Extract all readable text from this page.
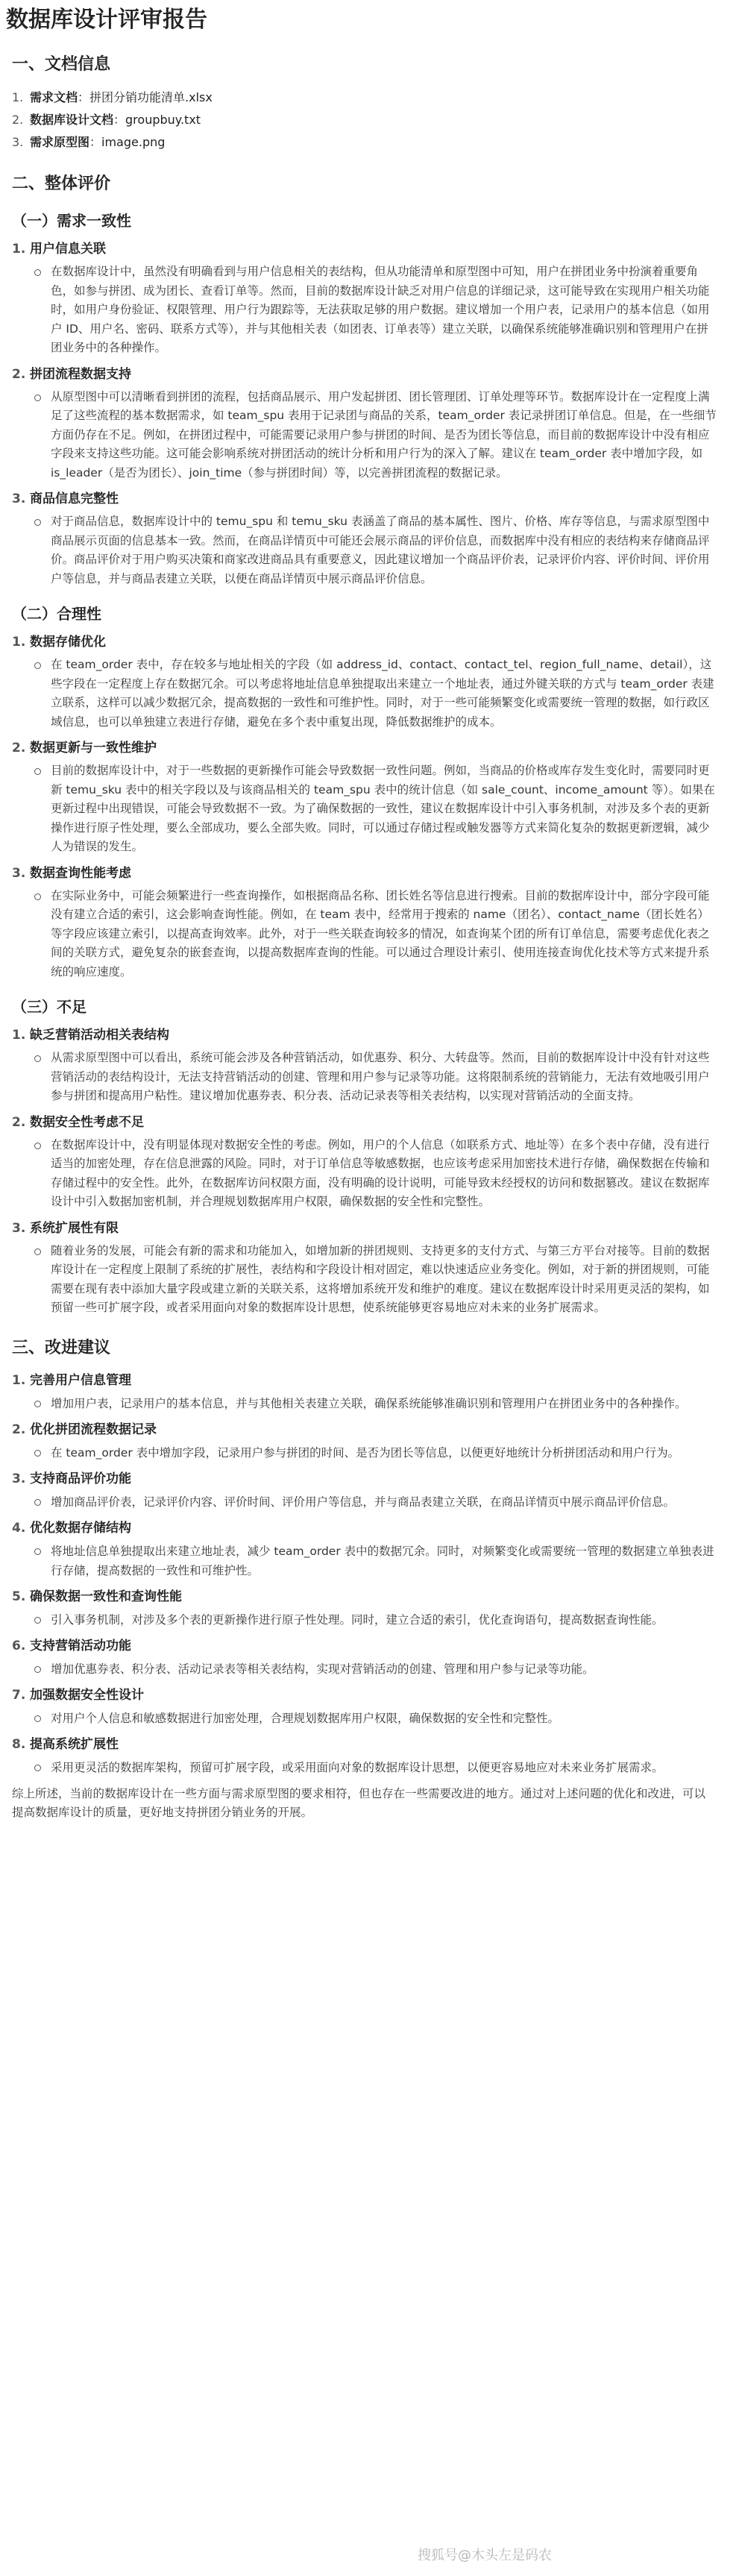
数据库设计评审报告
一、文档信息
1. 需求文档：拼团分销功能清单.xlsx
2. 数据库设计文档：groupbuy.txt
3. 需求原型图：image.png
二、整体评价
（一）需求一致性
1. 用户信息关联
在数据库设计中，虽然没有明确看到与用户信息相关的表结构，但从功能清单和原型图中可知，用户在拼团业务中扮演着重要角色，如参与拼团、成为团长、查看订单等。然而，目前的数据库设计缺乏对用户信息的详细记录，这可能导致在实现用户相关功能时，如用户身份验证、权限管理、用户行为跟踪等，无法获取足够的用户数据。建议增加一个用户表，记录用户的基本信息（如用户 ID、用户名、密码、联系方式等），并与其他相关表（如团表、订单表等）建立关联，以确保系统能够准确识别和管理用户在拼团业务中的各种操作。
2. 拼团流程数据支持
从原型图中可以清晰看到拼团的流程，包括商品展示、用户发起拼团、团长管理团、订单处理等环节。数据库设计在一定程度上满足了这些流程的基本数据需求，如 team_spu 表用于记录团与商品的关系，team_order 表记录拼团订单信息。但是，在一些细节方面仍存在不足。例如，在拼团过程中，可能需要记录用户参与拼团的时间、是否为团长等信息，而目前的数据库设计中没有相应字段来支持这些功能。这可能会影响系统对拼团活动的统计分析和用户行为的深入了解。建议在 team_order 表中增加字段，如 is_leader（是否为团长）、join_time（参与拼团时间）等，以完善拼团流程的数据记录。
3. 商品信息完整性
对于商品信息，数据库设计中的 temu_spu 和 temu_sku 表涵盖了商品的基本属性、图片、价格、库存等信息，与需求原型图中商品展示页面的信息基本一致。然而，在商品详情页中可能还会展示商品的评价信息，而数据库中没有相应的表结构来存储商品评价。商品评价对于用户购买决策和商家改进商品具有重要意义，因此建议增加一个商品评价表，记录评价内容、评价时间、评价用户等信息，并与商品表建立关联，以便在商品详情页中展示商品评价信息。
（二）合理性
1. 数据存储优化
在 team_order 表中，存在较多与地址相关的字段（如 address_id、contact、contact_tel、region_full_name、detail），这些字段在一定程度上存在数据冗余。可以考虑将地址信息单独提取出来建立一个地址表，通过外键关联的方式与 team_order 表建立联系，这样可以减少数据冗余，提高数据的一致性和可维护性。同时，对于一些可能频繁变化或需要统一管理的数据，如行政区域信息，也可以单独建立表进行存储，避免在多个表中重复出现，降低数据维护的成本。
2. 数据更新与一致性维护
目前的数据库设计中，对于一些数据的更新操作可能会导致数据一致性问题。例如，当商品的价格或库存发生变化时，需要同时更新 temu_sku 表中的相关字段以及与该商品相关的 team_spu 表中的统计信息（如 sale_count、income_amount 等）。如果在更新过程中出现错误，可能会导致数据不一致。为了确保数据的一致性，建议在数据库设计中引入事务机制，对涉及多个表的更新操作进行原子性处理，要么全部成功，要么全部失败。同时，可以通过存储过程或触发器等方式来简化复杂的数据更新逻辑，减少人为错误的发生。
3. 数据查询性能考虑
在实际业务中，可能会频繁进行一些查询操作，如根据商品名称、团长姓名等信息进行搜索。目前的数据库设计中，部分字段可能没有建立合适的索引，这会影响查询性能。例如，在 team 表中，经常用于搜索的 name（团名）、contact_name（团长姓名）等字段应该建立索引，以提高查询效率。此外，对于一些关联查询较多的情况，如查询某个团的所有订单信息，需要考虑优化表之间的关联方式，避免复杂的嵌套查询，以提高数据库查询的性能。可以通过合理设计索引、使用连接查询优化技术等方式来提升系统的响应速度。
（三）不足
1. 缺乏营销活动相关表结构
从需求原型图中可以看出，系统可能会涉及各种营销活动，如优惠券、积分、大转盘等。然而，目前的数据库设计中没有针对这些营销活动的表结构设计，无法支持营销活动的创建、管理和用户参与记录等功能。这将限制系统的营销能力，无法有效地吸引用户参与拼团和提高用户粘性。建议增加优惠券表、积分表、活动记录表等相关表结构，以实现对营销活动的全面支持。
2. 数据安全性考虑不足
在数据库设计中，没有明显体现对数据安全性的考虑。例如，用户的个人信息（如联系方式、地址等）在多个表中存储，没有进行适当的加密处理，存在信息泄露的风险。同时，对于订单信息等敏感数据，也应该考虑采用加密技术进行存储，确保数据在传输和存储过程中的安全性。此外，在数据库访问权限方面，没有明确的设计说明，可能导致未经授权的访问和数据篡改。建议在数据库设计中引入数据加密机制，并合理规划数据库用户权限，确保数据的安全性和完整性。
3. 系统扩展性有限
随着业务的发展，可能会有新的需求和功能加入，如增加新的拼团规则、支持更多的支付方式、与第三方平台对接等。目前的数据库设计在一定程度上限制了系统的扩展性，表结构和字段设计相对固定，难以快速适应业务变化。例如，对于新的拼团规则，可能需要在现有表中添加大量字段或建立新的关联关系，这将增加系统开发和维护的难度。建议在数据库设计时采用更灵活的架构，如预留一些可扩展字段，或者采用面向对象的数据库设计思想，使系统能够更容易地应对未来的业务扩展需求。
三、改进建议
1. 完善用户信息管理
增加用户表，记录用户的基本信息，并与其他相关表建立关联，确保系统能够准确识别和管理用户在拼团业务中的各种操作。
2. 优化拼团流程数据记录
在 team_order 表中增加字段，记录用户参与拼团的时间、是否为团长等信息，以便更好地统计分析拼团活动和用户行为。
3. 支持商品评价功能
增加商品评价表，记录评价内容、评价时间、评价用户等信息，并与商品表建立关联，在商品详情页中展示商品评价信息。
4. 优化数据存储结构
将地址信息单独提取出来建立地址表，减少 team_order 表中的数据冗余。同时，对频繁变化或需要统一管理的数据建立单独表进行存储，提高数据的一致性和可维护性。
5. 确保数据一致性和查询性能
引入事务机制，对涉及多个表的更新操作进行原子性处理。同时，建立合适的索引，优化查询语句，提高数据查询性能。
6. 支持营销活动功能
增加优惠券表、积分表、活动记录表等相关表结构，实现对营销活动的创建、管理和用户参与记录等功能。
7. 加强数据安全性设计
对用户个人信息和敏感数据进行加密处理，合理规划数据库用户权限，确保数据的安全性和完整性。
8. 提高系统扩展性
采用更灵活的数据库架构，预留可扩展字段，或采用面向对象的数据库设计思想，以便更容易地应对未来业务扩展需求。

综上所述，当前的数据库设计在一些方面与需求原型图的要求相符，但也存在一些需要改进的地方。通过对上述问题的优化和改进，可以提高数据库设计的质量，更好地支持拼团分销业务的开展。

搜狐号@木头左是码农
